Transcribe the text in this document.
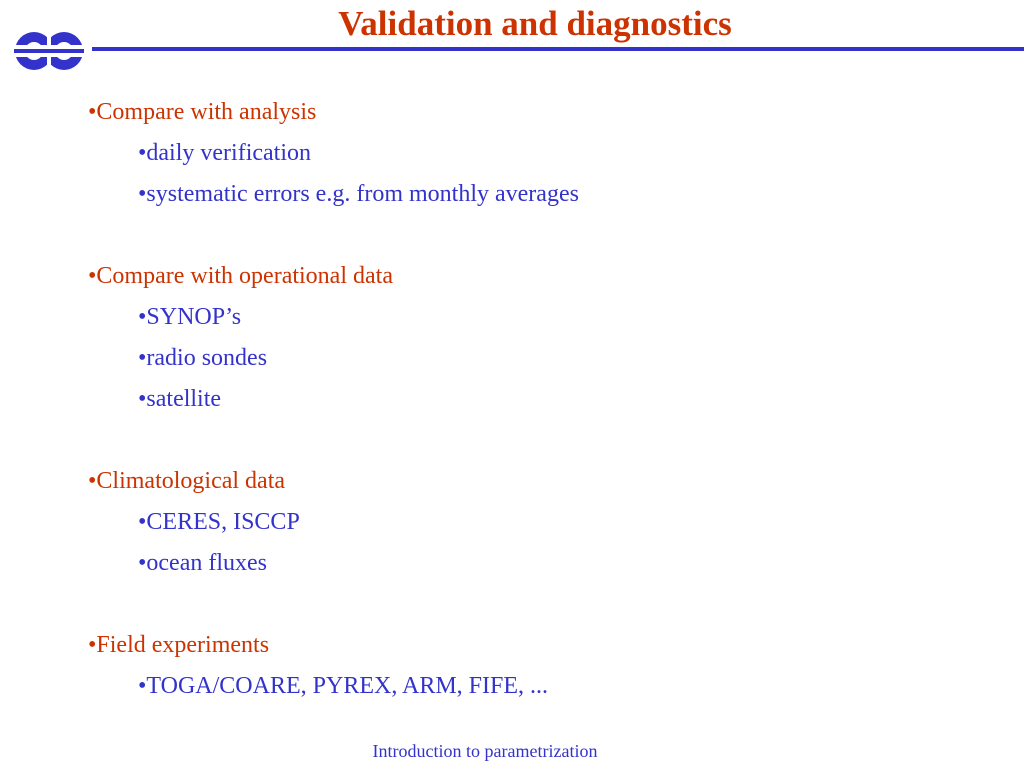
Validation and diagnostics
•Compare with analysis
•daily verification
•systematic errors e.g. from monthly averages
•Compare with operational data
•SYNOP’s
•radio sondes
•satellite
•Climatological data
•CERES, ISCCP
•ocean fluxes
•Field experiments
•TOGA/COARE, PYREX, ARM, FIFE, ...
Introduction to parametrization
